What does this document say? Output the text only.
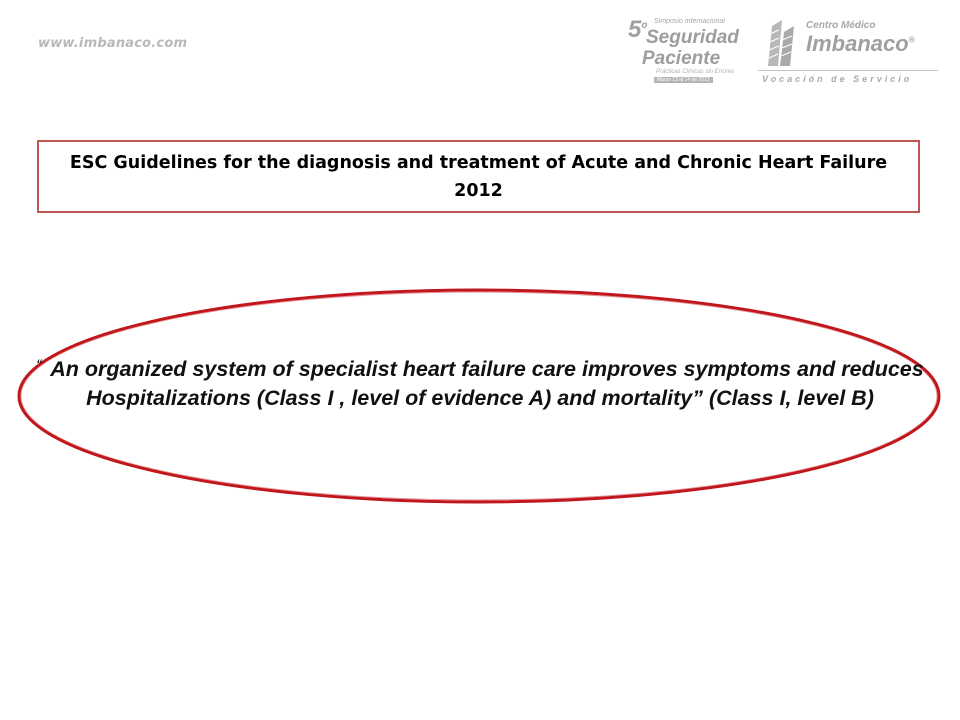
www.imbanaco.com
5$^o$ Simposio Internacional
Seguridad
Paciente
Prácticas Clínicas sin Errores
Marzo 13 al 14 de 2013
Centro Médico
Imbanaco®
Vocación de Servicio
ESC Guidelines for the diagnosis and treatment of Acute and Chronic Heart Failure 2012
“ An organized system of specialist heart failure care improves symptoms and reduces Hospitalizations (Class I , level of evidence A) and mortality” (Class I, level B)
